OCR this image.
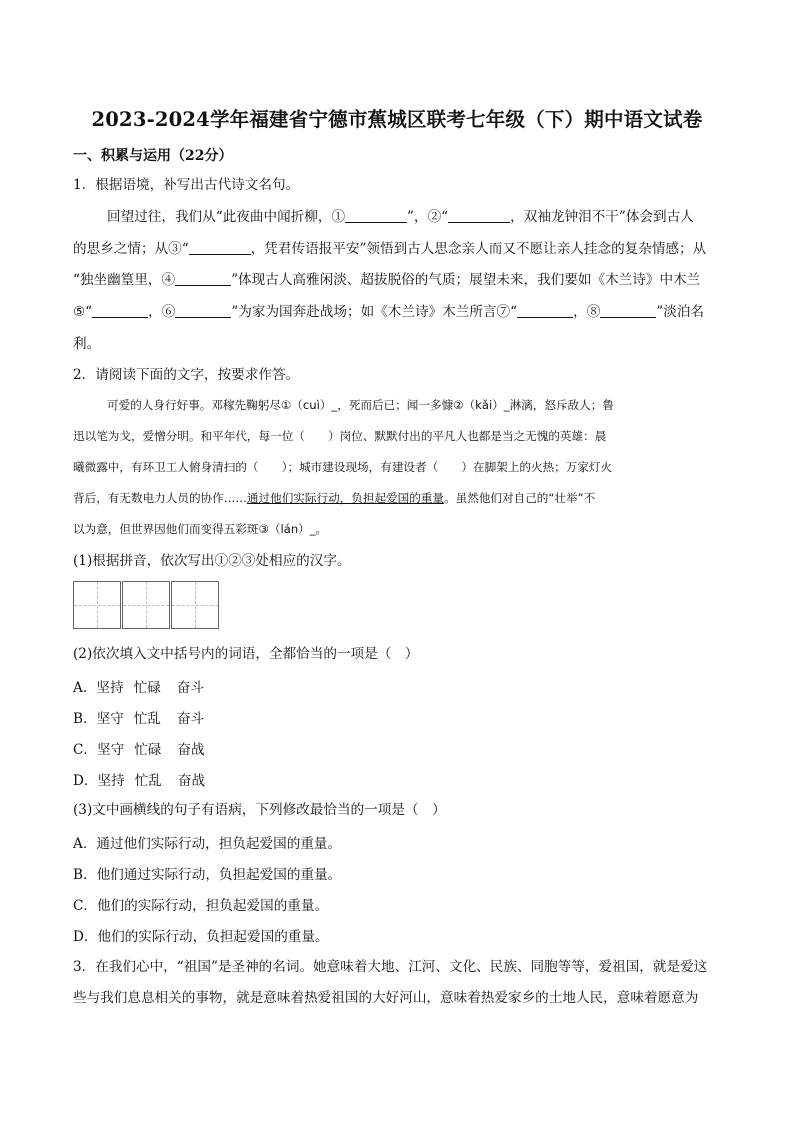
2023-2024学年福建省宁德市蕉城区联考七年级（下）期中语文试卷
一、积累与运用（22分）
1．根据语境，补写出古代诗文名句。
回望过往，我们从“此夜曲中闻折柳，①	”，②“	，双袖龙钟泪不干”体会到古人
的思乡之情；从③“	，凭君传语报平安”领悟到古人思念亲人而又不愿让亲人挂念的复杂情感；从
“独坐幽篁里，④	”体现古人高雅闲淡、超拔脱俗的气质；展望未来，我们要如《木兰诗》中木兰
⑤“	，⑥	”为家为国奔赴战场；如《木兰诗》木兰所言⑦“	，⑧	”淡泊名
利。
2．请阅读下面的文字，按要求作答。
可爱的人身行好事。邓稼先鞠躬尽①（cuì）_，死而后已；闻一多慷②（kǎi）_淋漓，怒斥敌人；鲁
迅以笔为戈，爱憎分明。和平年代，每一位（　　）岗位、默默付出的平凡人也都是当之无愧的英雄：晨
曦微露中，有环卫工人俯身清扫的（　　）；城市建设现场，有建设者（　　）在脚架上的火热；万家灯火
背后，有无数电力人员的协作……通过他们实际行动，负担起爱国的重量。虽然他们对自己的“壮举”不
以为意，但世界因他们而变得五彩斑③（lán）_。
(1)根据拼音，依次写出①②③处相应的汉字。
(2)依次填入文中括号内的词语，全都恰当的一项是（　）
A．坚持 忙碌 奋斗
B．坚守 忙乱 奋斗
C．坚守 忙碌 奋战
D．坚持 忙乱 奋战
(3)文中画横线的句子有语病，下列修改最恰当的一项是（　）
A．通过他们实际行动，担负起爱国的重量。
B．他们通过实际行动，负担起爱国的重量。
C．他们的实际行动，担负起爱国的重量。
D．他们的实际行动，负担起爱国的重量。
3．在我们心中，“祖国”是圣神的名词。她意味着大地、江河、文化、民族、同胞等等，爱祖国，就是爱这
些与我们息息相关的事物，就是意味着热爱祖国的大好河山，意味着热爱家乡的土地人民，意味着愿意为
